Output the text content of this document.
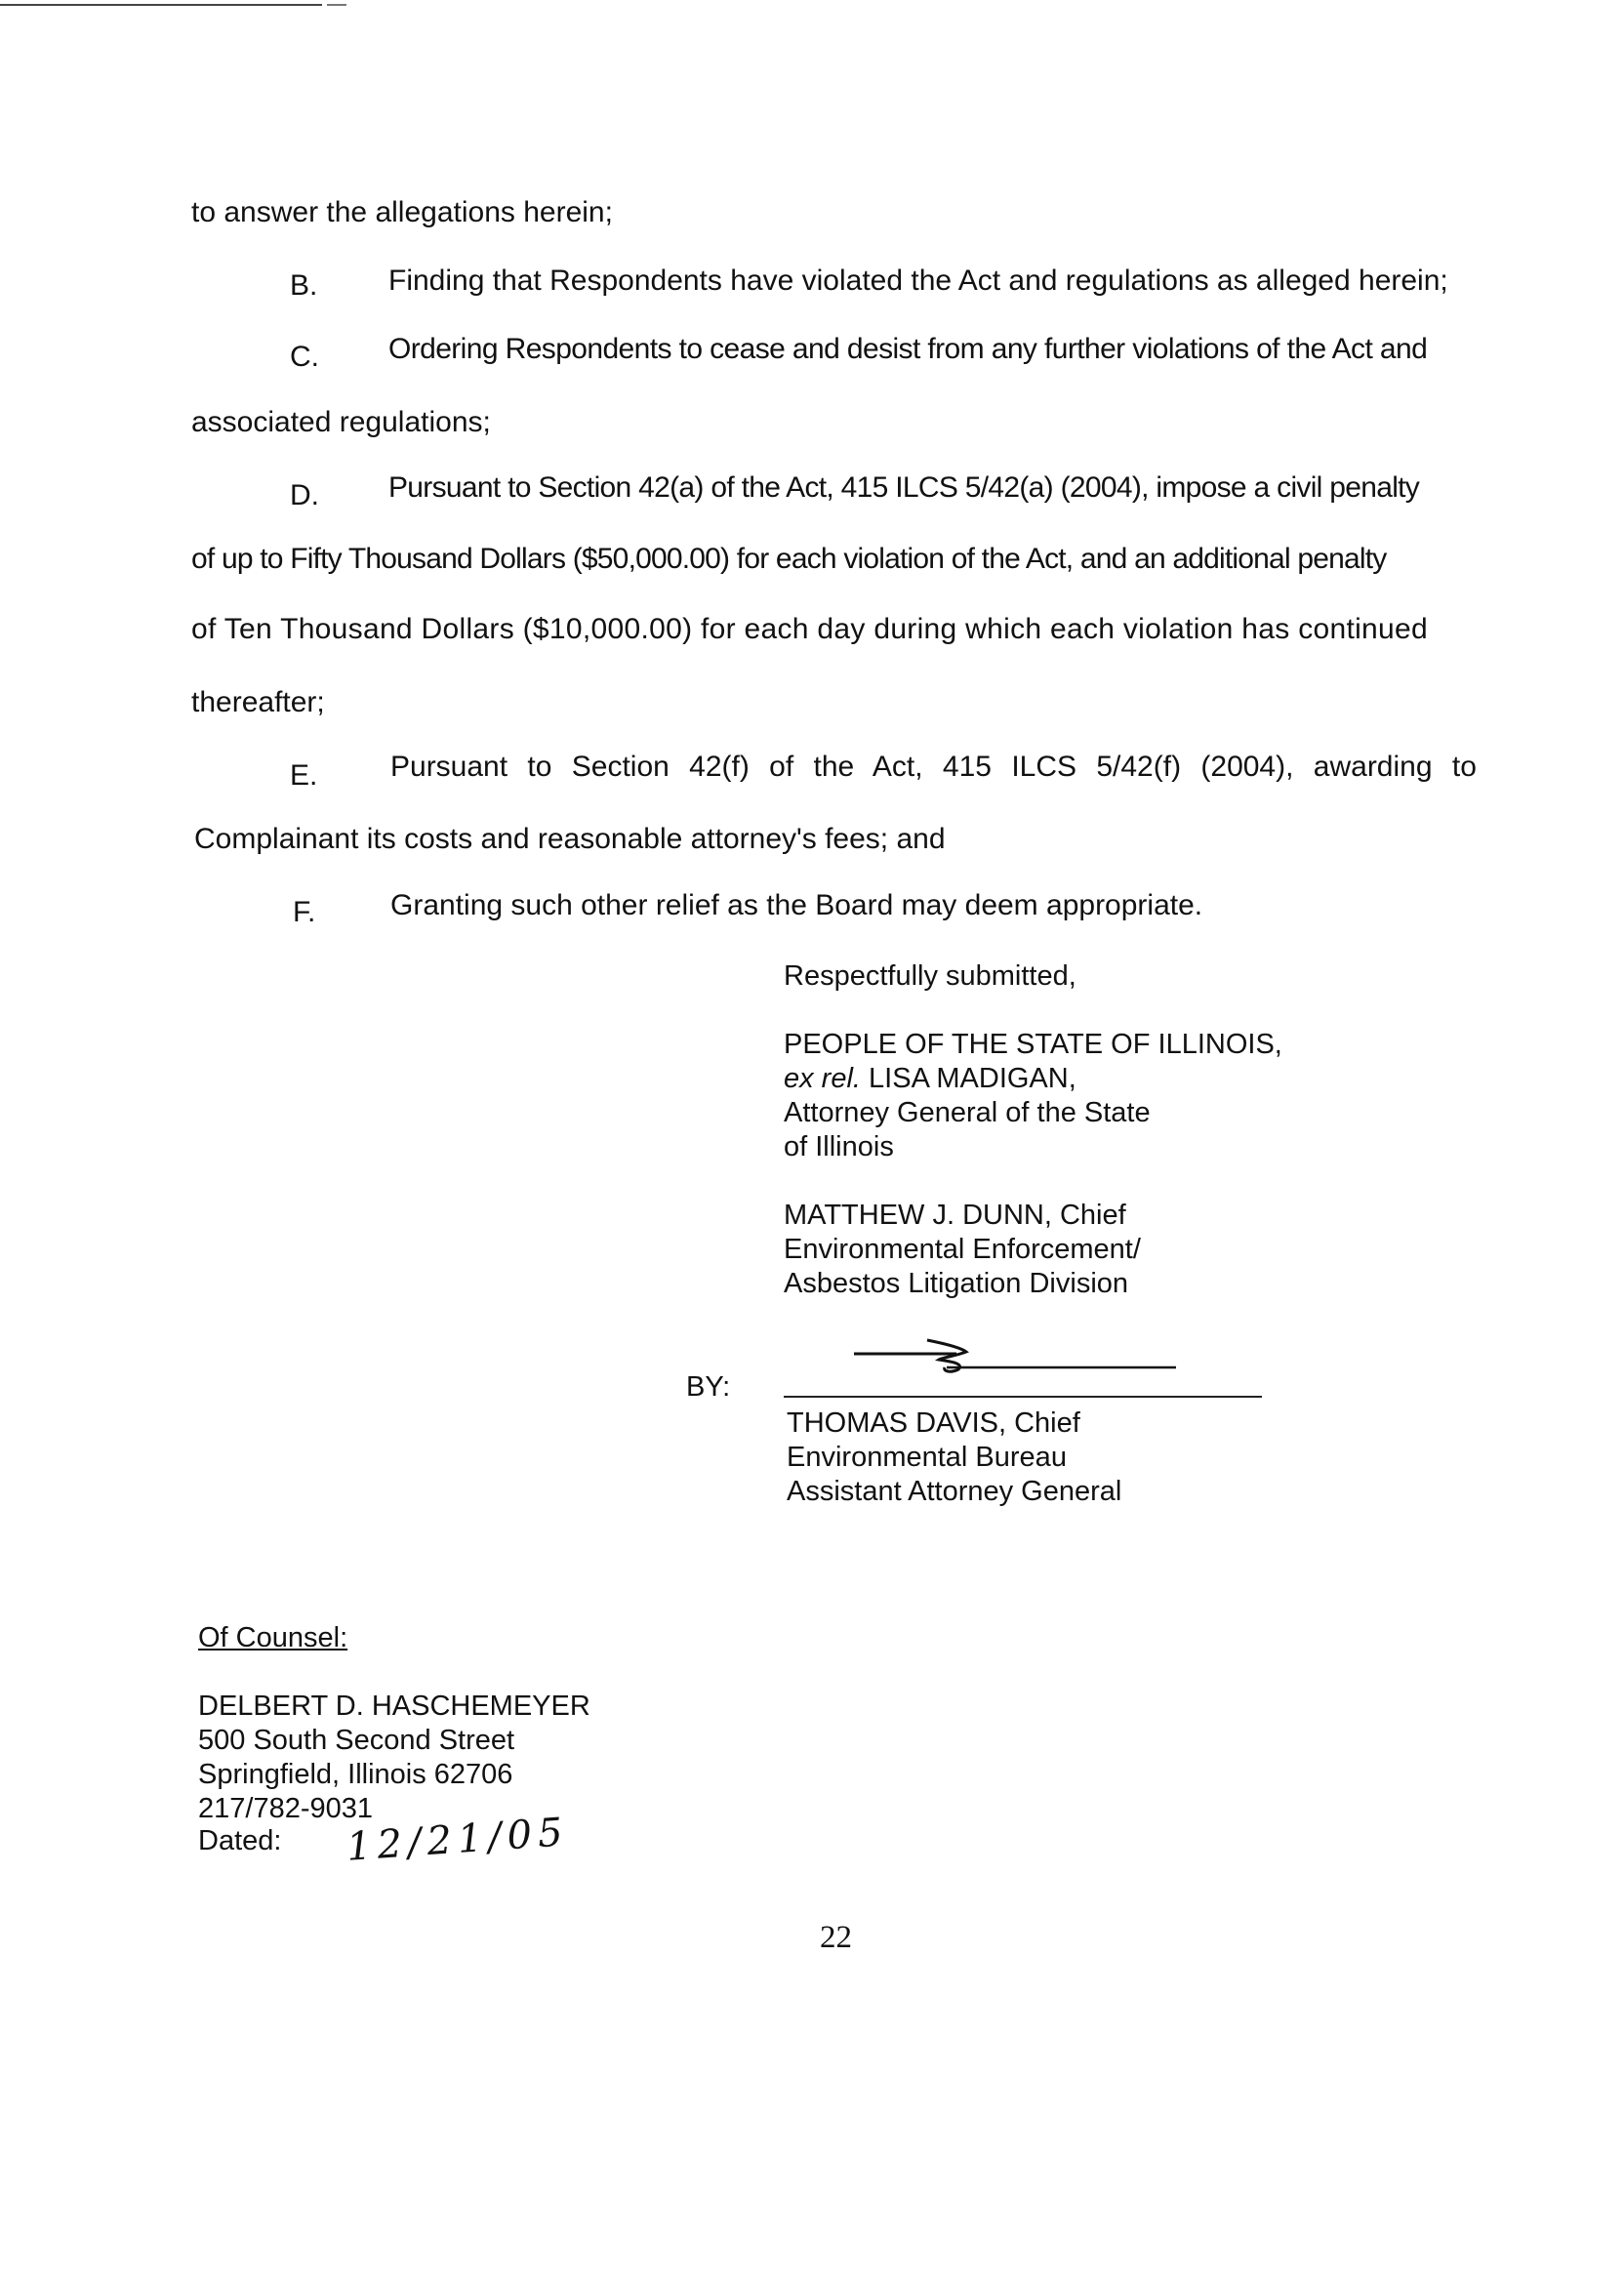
to answer the allegations herein;
B. Finding that Respondents have violated the Act and regulations as alleged herein;
C. Ordering Respondents to cease and desist from any further violations of the Act and
associated regulations;
D. Pursuant to Section 42(a) of the Act, 415 ILCS 5/42(a) (2004), impose a civil penalty
of up to Fifty Thousand Dollars ($50,000.00) for each violation of the Act, and an additional penalty
of Ten Thousand Dollars ($10,000.00) for each day during which each violation has continued
thereafter;
E. Pursuant to Section 42(f) of the Act, 415 ILCS 5/42(f) (2004), awarding to
Complainant its costs and reasonable attorney's fees; and
F.	Granting such other relief as the Board may deem appropriate.
Respectfully submitted,
PEOPLE OF THE STATE OF ILLINOIS,
ex rel. LISA MADIGAN,
Attorney General of the State
of Illinois
MATTHEW J. DUNN, Chief
Environmental Enforcement/
Asbestos Litigation Division
BY:
THOMAS DAVIS, Chief
Environmental Bureau
Assistant Attorney General
Of Counsel:
DELBERT D. HASCHEMEYER
500 South Second Street
Springfield, Illinois 62706
217/782-9031
Dated: 12/21/05
22
